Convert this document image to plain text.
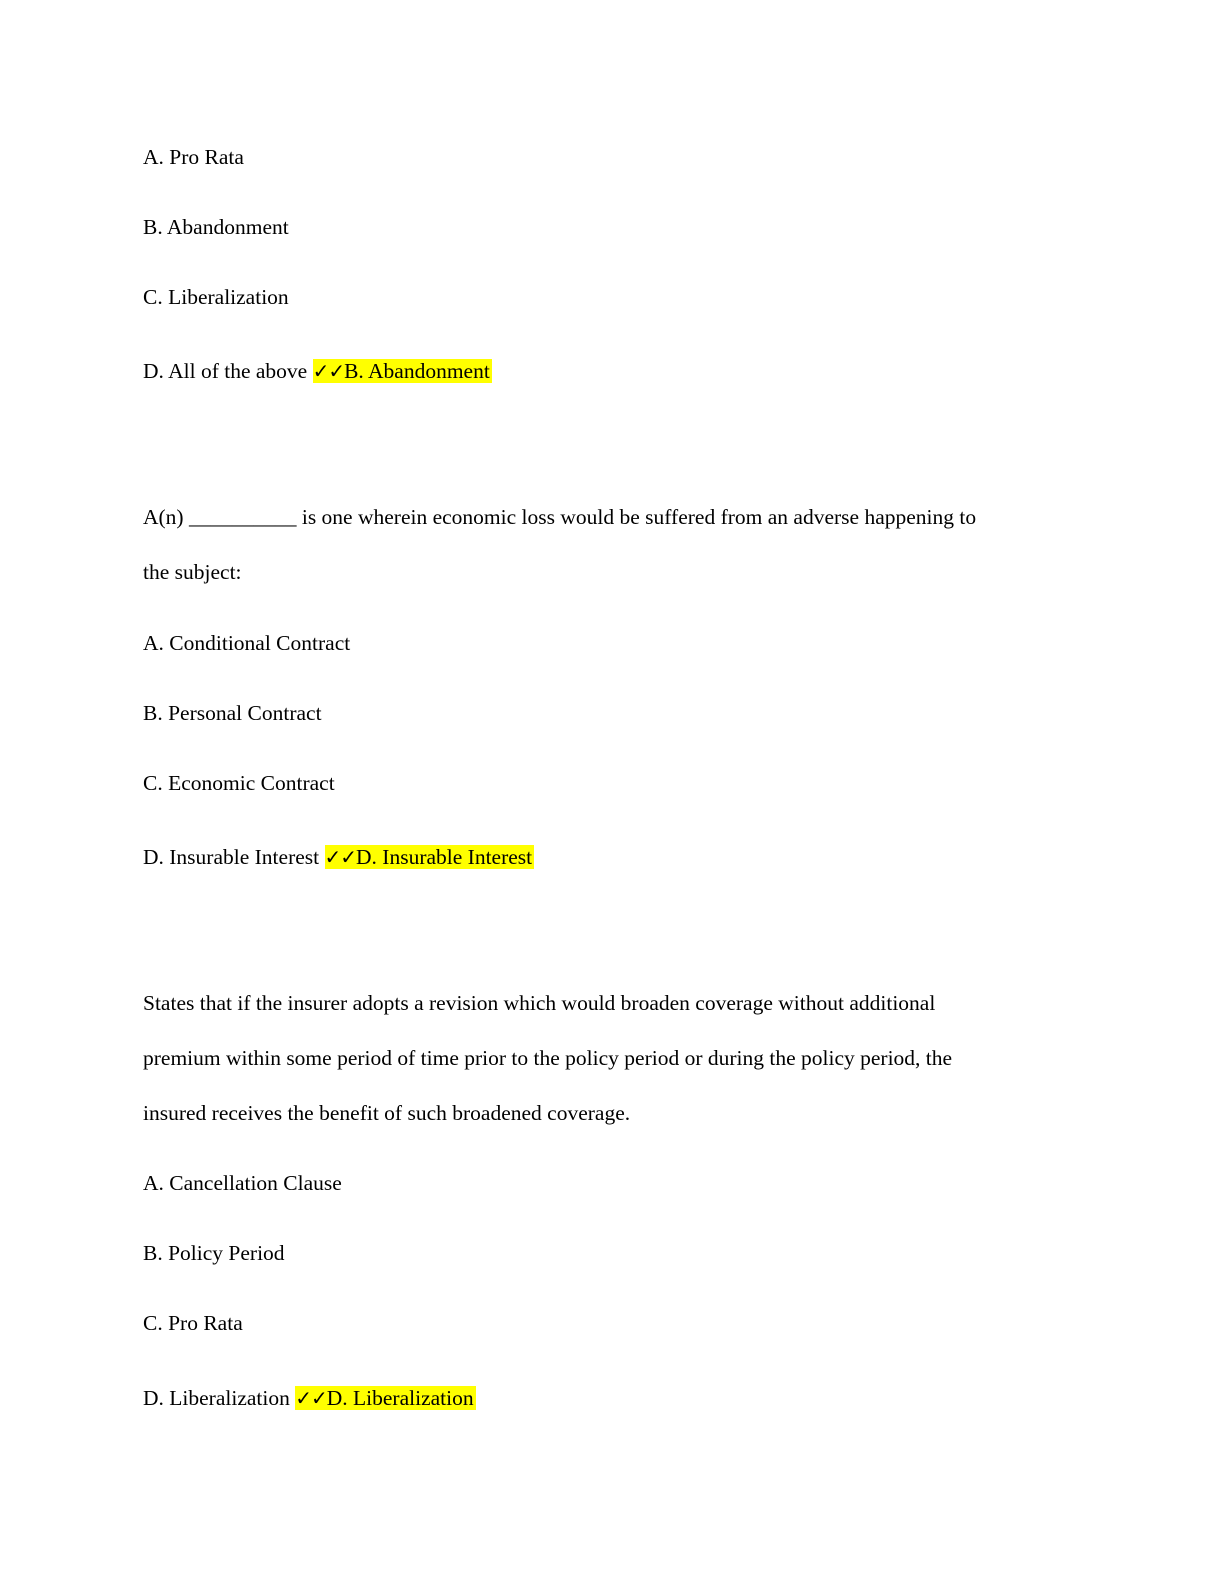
A. Pro Rata
B. Abandonment
C. Liberalization
D. All of the above ✓✓B. Abandonment
A(n) __________ is one wherein economic loss would be suffered from an adverse happening to
the subject:
A. Conditional Contract
B. Personal Contract
C. Economic Contract
D. Insurable Interest ✓✓D. Insurable Interest
States that if the insurer adopts a revision which would broaden coverage without additional
premium within some period of time prior to the policy period or during the policy period, the
insured receives the benefit of such broadened coverage.
A. Cancellation Clause
B. Policy Period
C. Pro Rata
D. Liberalization ✓✓D. Liberalization
